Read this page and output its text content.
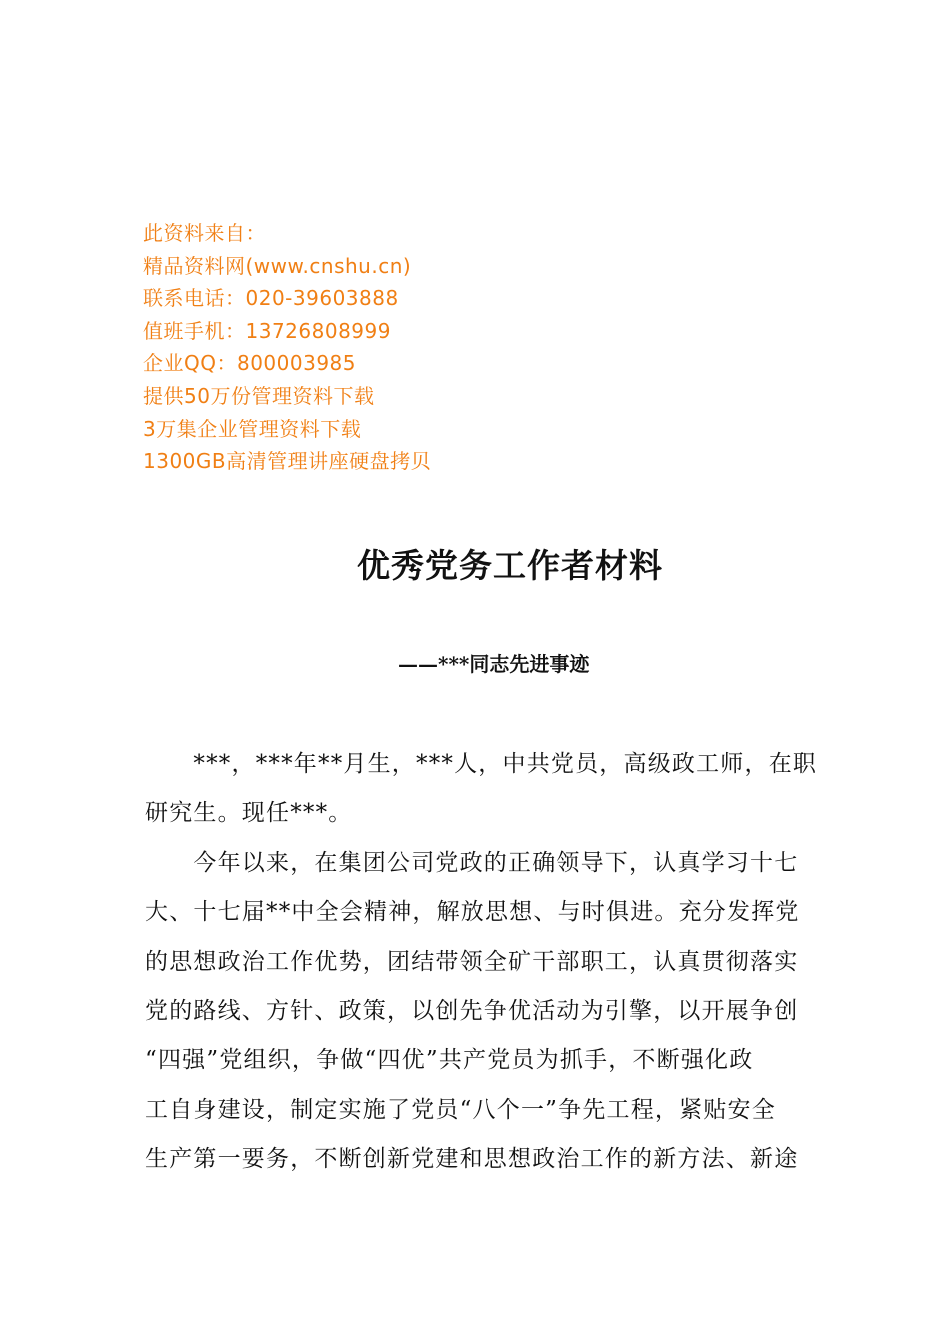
此资料来自：
精品资料网(www.cnshu.cn)
联系电话：020-39603888
值班手机：13726808999
企业QQ：800003985
提供50万份管理资料下载
3万集企业管理资料下载
1300GB高清管理讲座硬盘拷贝
优秀党务工作者材料
——***同志先进事迹
　　***，***年**月生，***人，中共党员，高级政工师，在职
研究生。现任***。
　　今年以来，在集团公司党政的正确领导下，认真学习十七
大、十七届**中全会精神，解放思想、与时俱进。充分发挥党
的思想政治工作优势，团结带领全矿干部职工，认真贯彻落实
党的路线、方针、政策，以创先争优活动为引擎，以开展争创
“四强”党组织，争做“四优”共产党员为抓手，不断强化政
工自身建设，制定实施了党员“八个一”争先工程，紧贴安全
生产第一要务，不断创新党建和思想政治工作的新方法、新途
